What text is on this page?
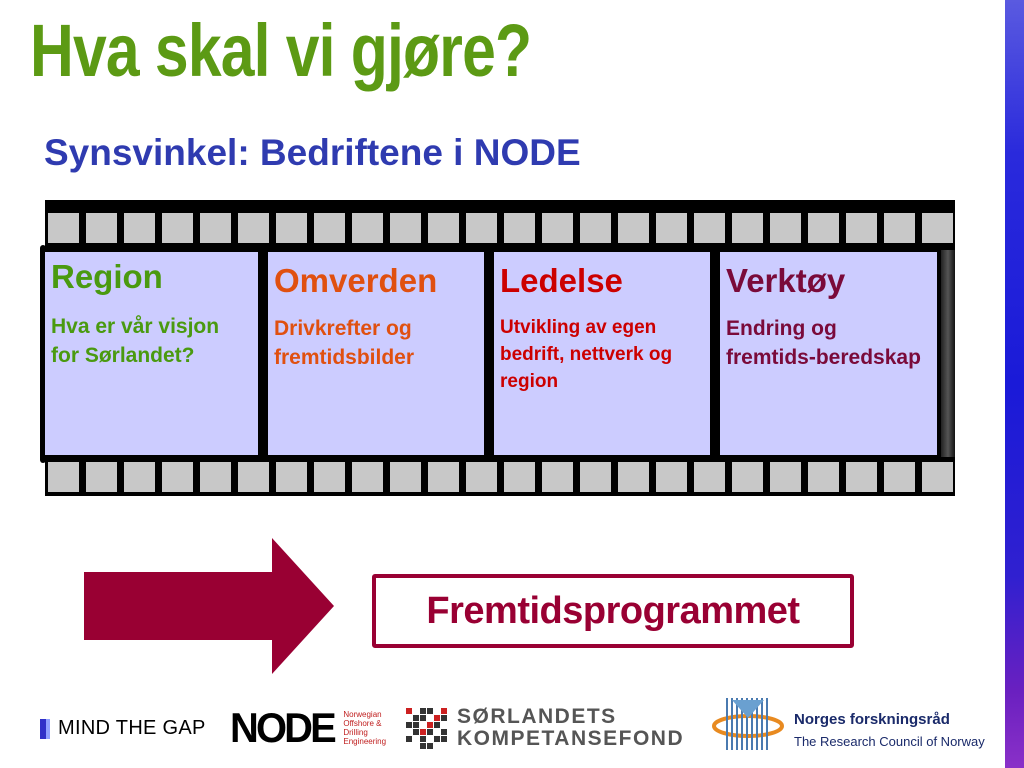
Hva skal vi gjøre?
Synsvinkel: Bedriftene i NODE
Region
Hva er vår visjon for Sørlandet?
Omverden
Drivkrefter og fremtidsbilder
Ledelse
Utvikling av egen bedrift, nettverk og region
Verktøy
Endring og fremtids-beredskap
Fremtidsprogrammet
MIND THE GAP NODE Norwegian Offshore & Drilling Engineering
SØRLANDETS
KOMPETANSEFOND
Norges forskningsråd
The Research Council of Norway
